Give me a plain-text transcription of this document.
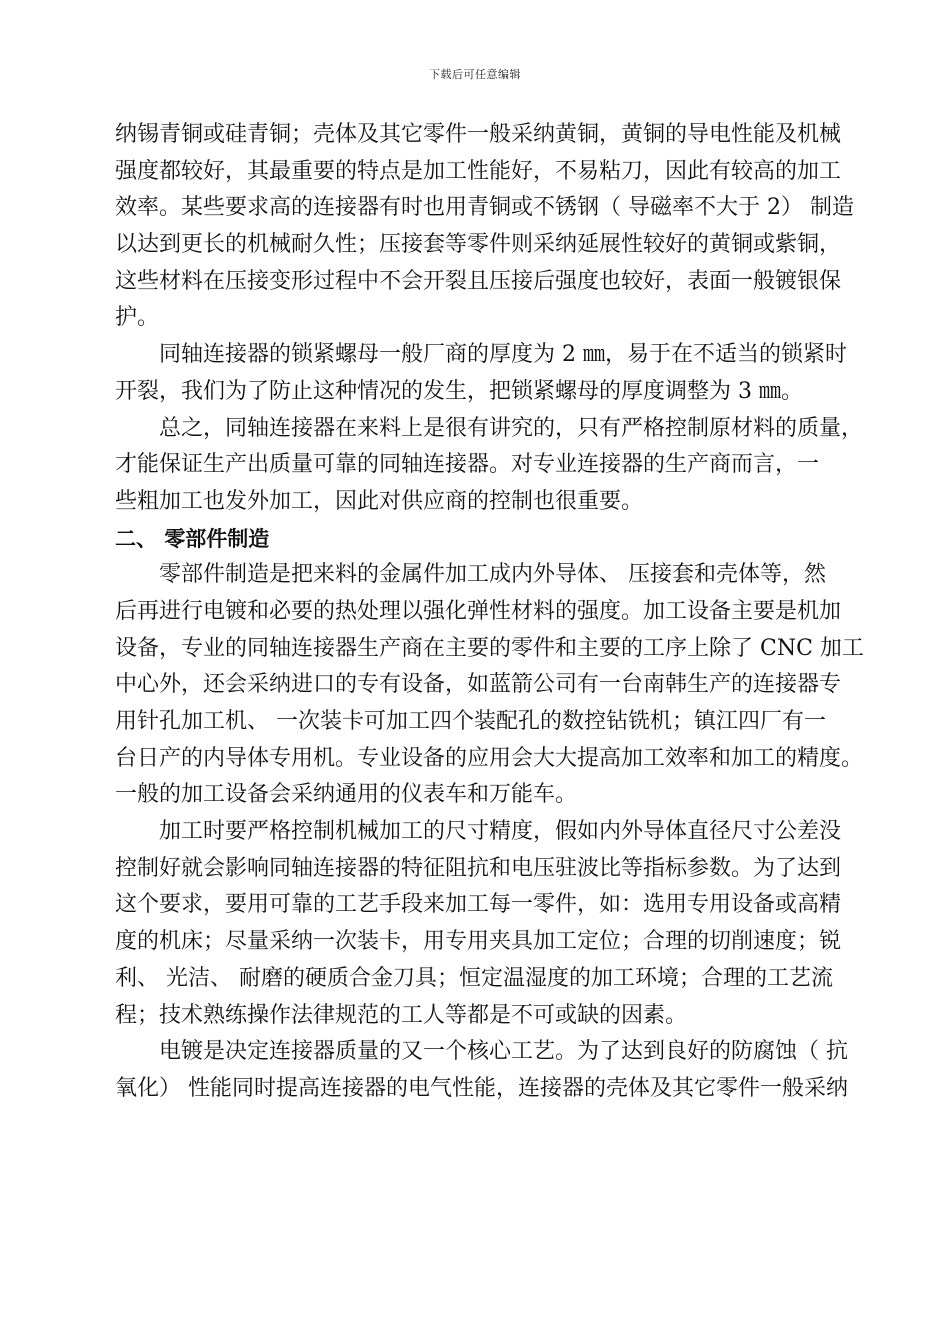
下载后可任意编辑
纳锡青铜或硅青铜；壳体及其它零件一般采纳黄铜，黄铜的导电性能及机械
强度都较好，其最重要的特点是加工性能好，不易粘刀，因此有较高的加工
效率。某些要求高的连接器有时也用青铜或不锈钢（ 导磁率不大于 2） 制造
以达到更长的机械耐久性；压接套等零件则采纳延展性较好的黄铜或紫铜，
这些材料在压接变形过程中不会开裂且压接后强度也较好，表面一般镀银保
护。
同轴连接器的锁紧螺母一般厂商的厚度为 2 ㎜，易于在不适当的锁紧时
开裂，我们为了防止这种情况的发生，把锁紧螺母的厚度调整为 3 ㎜。
总之，同轴连接器在来料上是很有讲究的，只有严格控制原材料的质量，
才能保证生产出质量可靠的同轴连接器。对专业连接器的生产商而言，一
些粗加工也发外加工，因此对供应商的控制也很重要。
二、 零部件制造
零部件制造是把来料的金属件加工成内外导体、 压接套和壳体等，然
后再进行电镀和必要的热处理以强化弹性材料的强度。加工设备主要是机加
设备，专业的同轴连接器生产商在主要的零件和主要的工序上除了 CNC 加工
中心外，还会采纳进口的专有设备，如蓝箭公司有一台南韩生产的连接器专
用针孔加工机、 一次装卡可加工四个装配孔的数控钻铣机；镇江四厂有一
台日产的内导体专用机。专业设备的应用会大大提高加工效率和加工的精度。
一般的加工设备会采纳通用的仪表车和万能车。
加工时要严格控制机械加工的尺寸精度，假如内外导体直径尺寸公差没
控制好就会影响同轴连接器的特征阻抗和电压驻波比等指标参数。为了达到
这个要求，要用可靠的工艺手段来加工每一零件，如：选用专用设备或高精
度的机床；尽量采纳一次装卡，用专用夹具加工定位；合理的切削速度；锐
利、 光洁、 耐磨的硬质合金刀具；恒定温湿度的加工环境；合理的工艺流
程；技术熟练操作法律规范的工人等都是不可或缺的因素。
电镀是决定连接器质量的又一个核心工艺。为了达到良好的防腐蚀（ 抗
氧化） 性能同时提高连接器的电气性能，连接器的壳体及其它零件一般采纳
